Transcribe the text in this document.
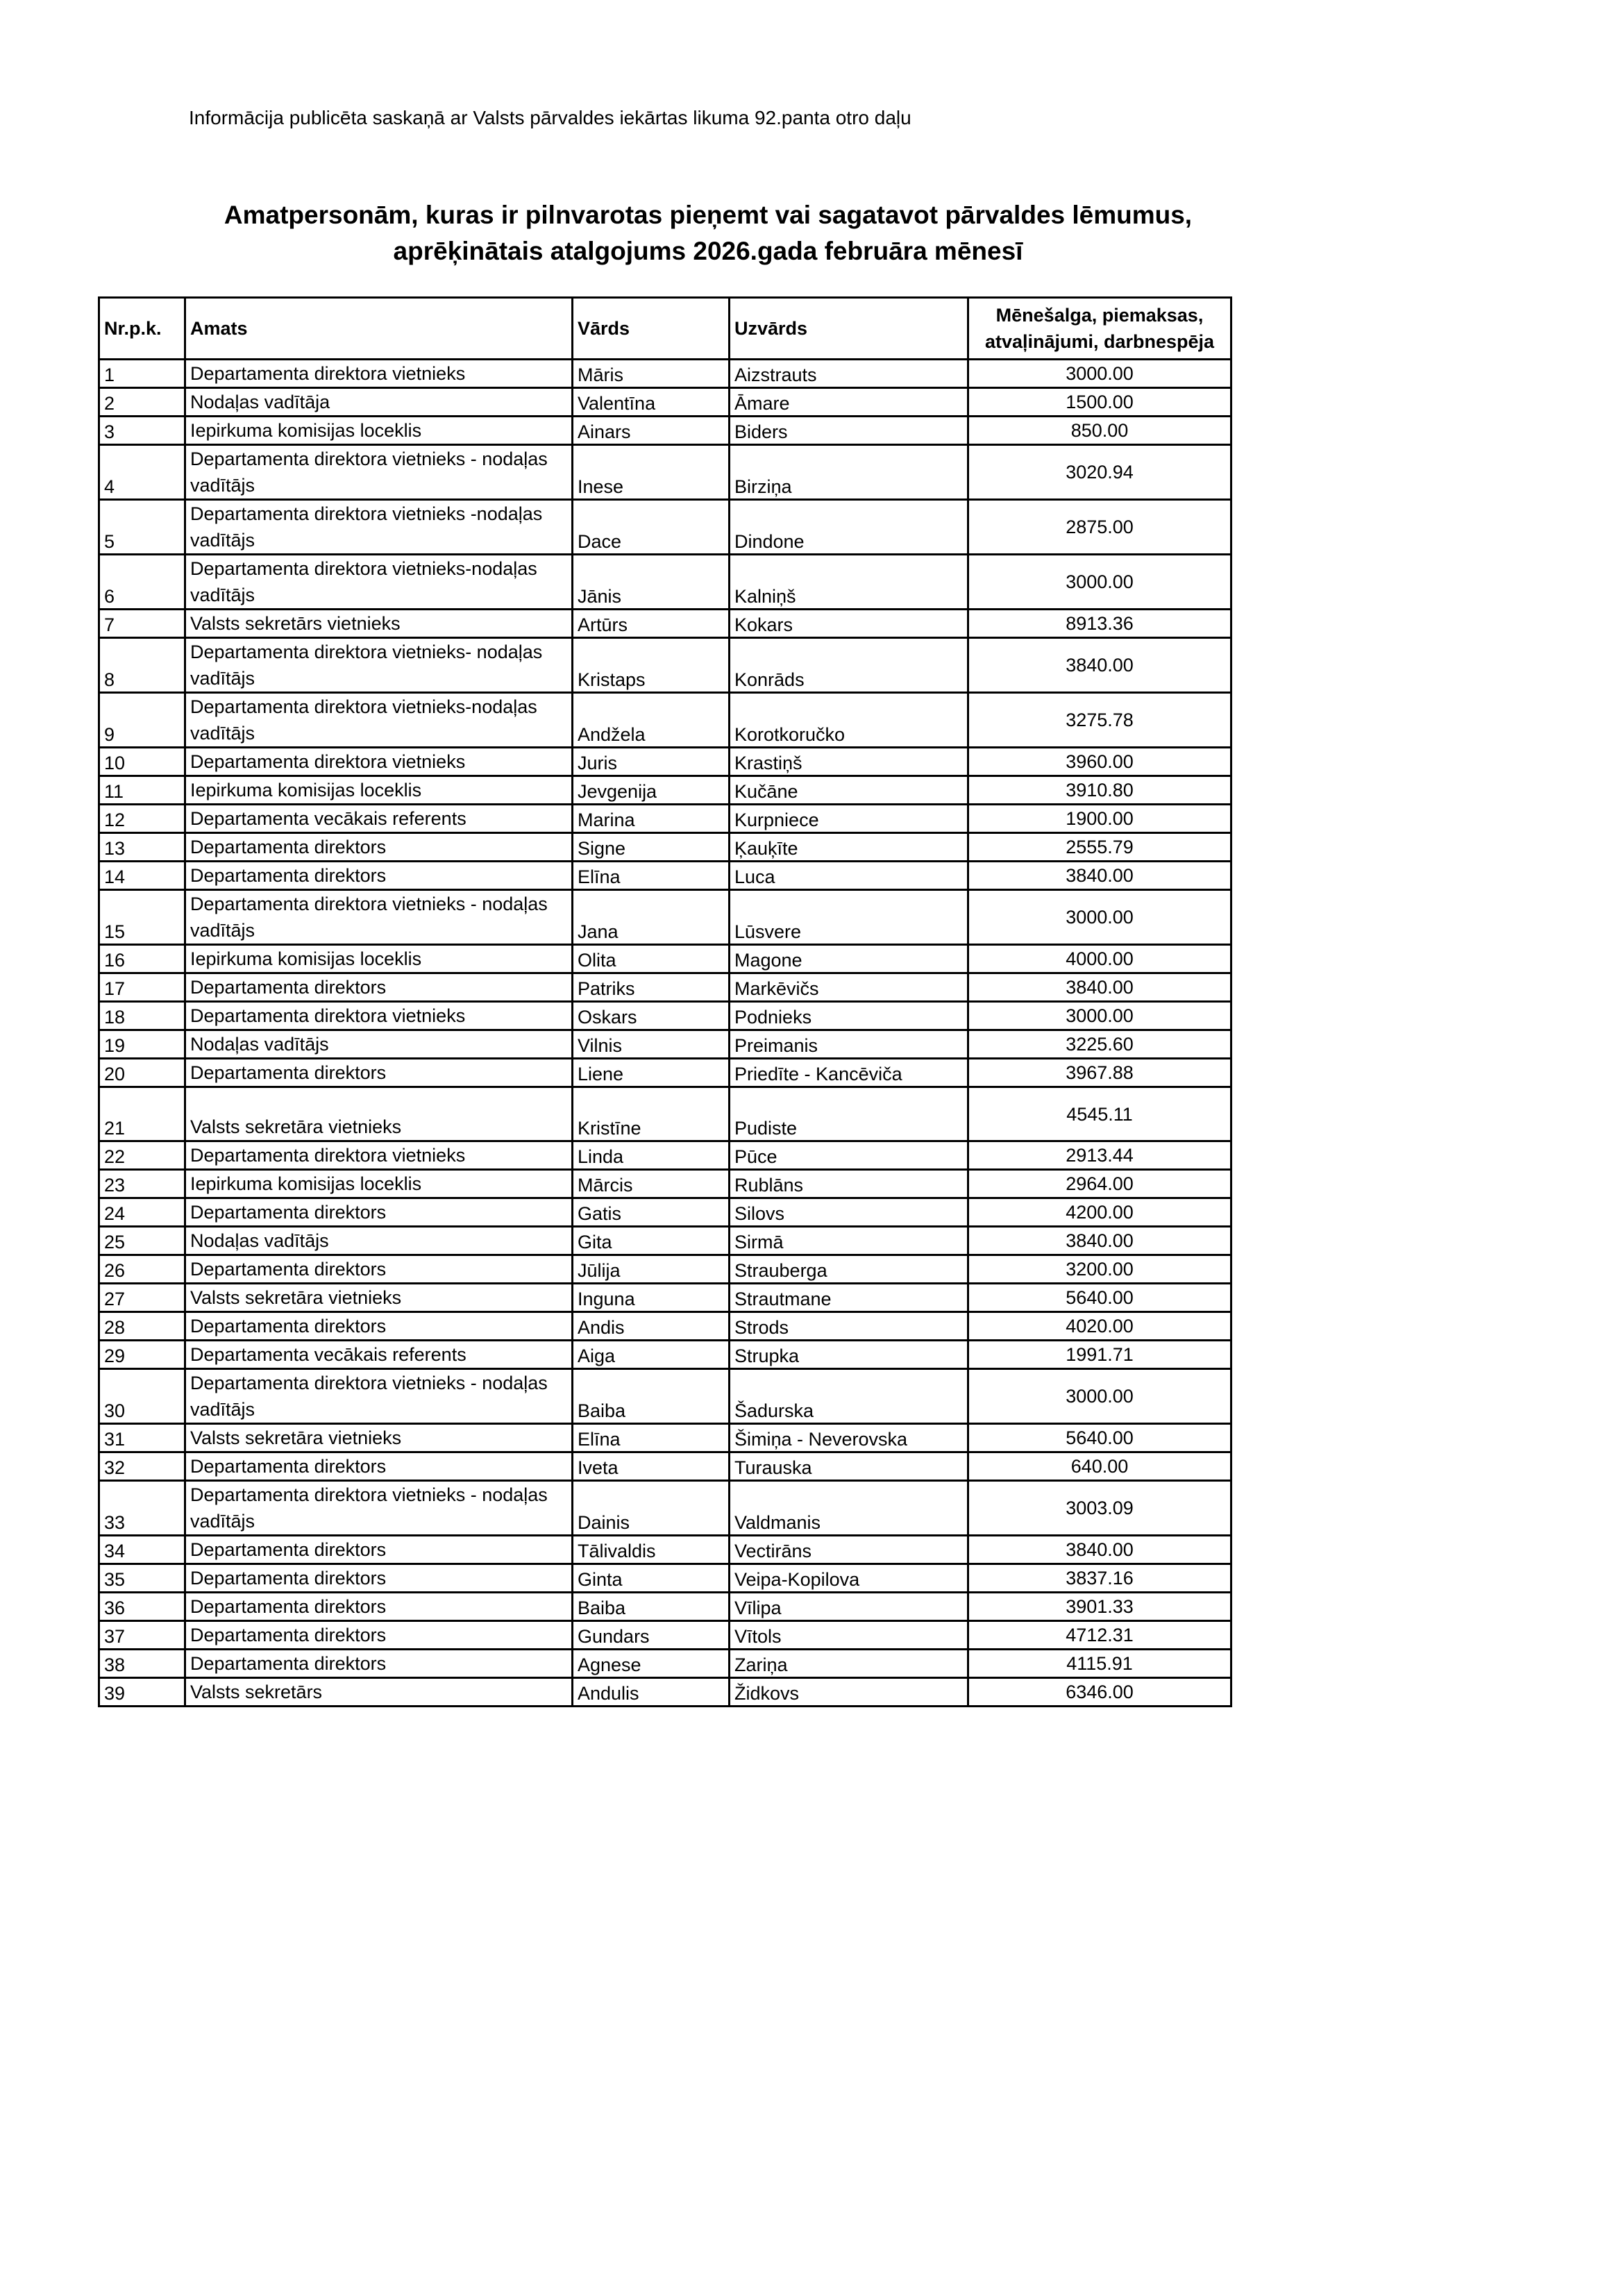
Informācija publicēta saskaņā ar Valsts pārvaldes iekārtas likuma 92.panta otro daļu
Amatpersonām, kuras ir pilnvarotas pieņemt vai sagatavot pārvaldes lēmumus,
aprēķinātais atalgojums 2026.gada februāra mēnesī
Nr.p.k.	Amats	Vārds	Uzvārds	Mēnešalga, piemaksas,
atvaļinājumi, darbnespēja

1	Departamenta direktora vietnieks	Māris	Aizstrauts	3000.00
2	Nodaļas vadītāja	Valentīna	Āmare	1500.00
3	Iepirkuma komisijas loceklis	Ainars	Biders	850.00
4	Departamenta direktora vietnieks - nodaļas vadītājs	Inese	Birziņa	3020.94
5	Departamenta direktora vietnieks -nodaļas vadītājs	Dace	Dindone	2875.00
6	Departamenta direktora vietnieks-nodaļas vadītājs	Jānis	Kalniņš	3000.00
7	Valsts sekretārs vietnieks	Artūrs	Kokars	8913.36
8	Departamenta direktora vietnieks- nodaļas vadītājs	Kristaps	Konrāds	3840.00
9	Departamenta direktora vietnieks-nodaļas vadītājs	Andžela	Korotkoručko	3275.78
10	Departamenta direktora vietnieks	Juris	Krastiņš	3960.00
11	Iepirkuma komisijas loceklis	Jevgenija	Kučāne	3910.80
12	Departamenta vecākais referents	Marina	Kurpniece	1900.00
13	Departamenta direktors	Signe	Ķauķīte	2555.79
14	Departamenta direktors	Elīna	Luca	3840.00
15	Departamenta direktora vietnieks - nodaļas vadītājs	Jana	Lūsvere	3000.00
16	Iepirkuma komisijas loceklis	Olita	Magone	4000.00
17	Departamenta direktors	Patriks	Markēvičs	3840.00
18	Departamenta direktora vietnieks	Oskars	Podnieks	3000.00
19	Nodaļas vadītājs	Vilnis	Preimanis	3225.60
20	Departamenta direktors	Liene	Priedīte - Kancēviča	3967.88
21	Valsts sekretāra vietnieks	Kristīne	Pudiste	4545.11
22	Departamenta direktora vietnieks	Linda	Pūce	2913.44
23	Iepirkuma komisijas loceklis	Mārcis	Rublāns	2964.00
24	Departamenta direktors	Gatis	Silovs	4200.00
25	Nodaļas vadītājs	Gita	Sirmā	3840.00
26	Departamenta direktors	Jūlija	Strauberga	3200.00
27	Valsts sekretāra vietnieks	Inguna	Strautmane	5640.00
28	Departamenta direktors	Andis	Strods	4020.00
29	Departamenta vecākais referents	Aiga	Strupka	1991.71
30	Departamenta direktora vietnieks - nodaļas vadītājs	Baiba	Šadurska	3000.00
31	Valsts sekretāra vietnieks	Elīna	Šimiņa - Neverovska	5640.00
32	Departamenta direktors	Iveta	Turauska	640.00
33	Departamenta direktora vietnieks - nodaļas vadītājs	Dainis	Valdmanis	3003.09
34	Departamenta direktors	Tālivaldis	Vectirāns	3840.00
35	Departamenta direktors	Ginta	Veipa-Kopilova	3837.16
36	Departamenta direktors	Baiba	Vīlipa	3901.33
37	Departamenta direktors	Gundars	Vītols	4712.31
38	Departamenta direktors	Agnese	Zariņa	4115.91
39	Valsts sekretārs	Andulis	Židkovs	6346.00
